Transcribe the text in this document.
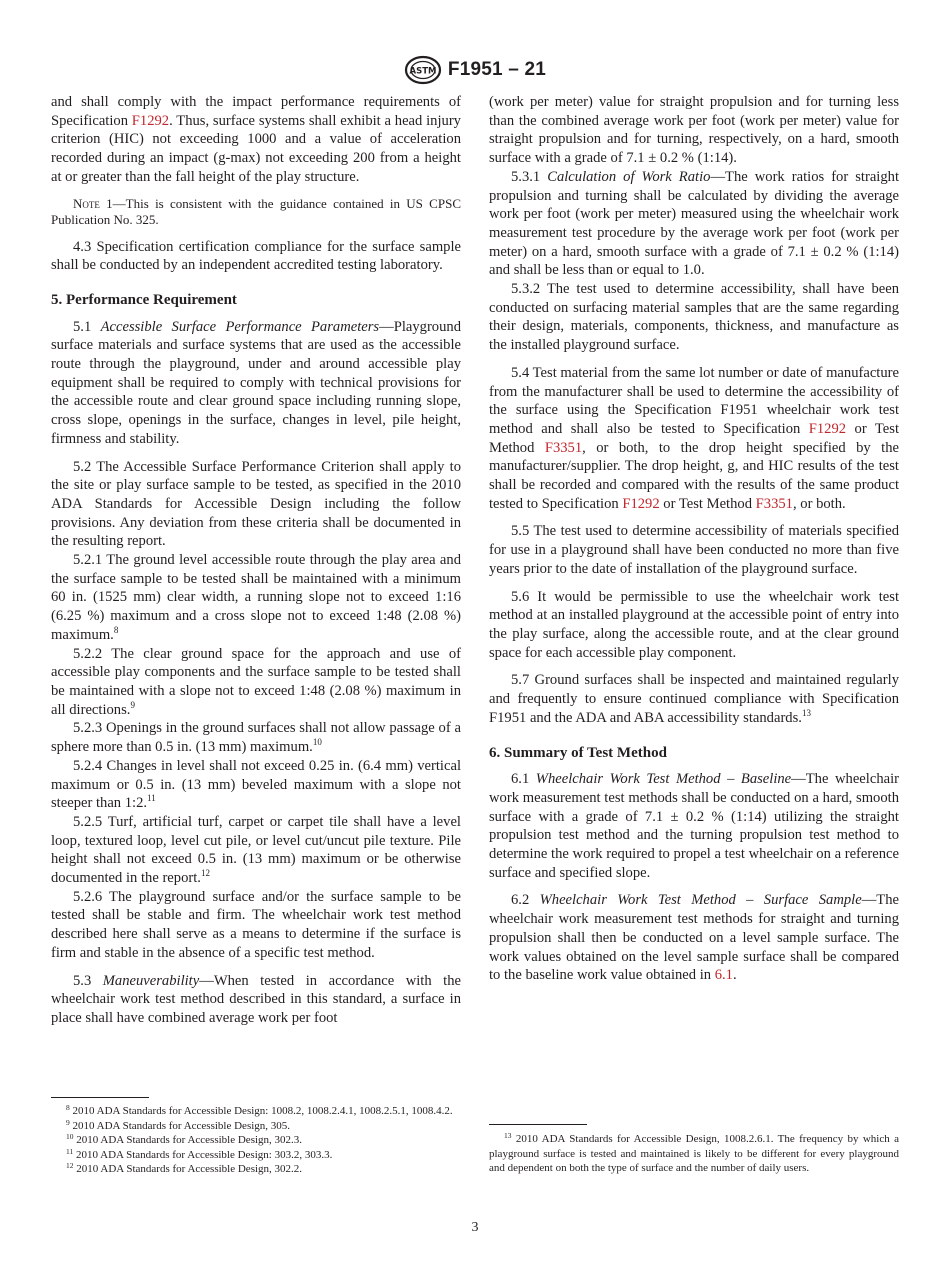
ASTM F1951 – 21

and shall comply with the impact performance requirements of Specification F1292. Thus, surface systems shall exhibit a head injury criterion (HIC) not exceeding 1000 and a value of acceleration recorded during an impact (g-max) not exceeding 200 from a height at or greater than the fall height of the play structure.

Note 1—This is consistent with the guidance contained in US CPSC Publication No. 325.

4.3 Specification certification compliance for the surface sample shall be conducted by an independent accredited testing laboratory.

5. Performance Requirement

5.1 Accessible Surface Performance Parameters—Playground surface materials and surface systems that are used as the accessible route through the playground, under and around accessible play equipment shall be required to comply with technical provisions for the accessible route and clear ground space including running slope, cross slope, openings in the surface, changes in level, pile height, firmness and stability.

5.2 The Accessible Surface Performance Criterion shall apply to the site or play surface sample to be tested, as specified in the 2010 ADA Standards for Accessible Design including the follow provisions. Any deviation from these criteria shall be documented in the resulting report.

5.2.1 The ground level accessible route through the play area and the surface sample to be tested shall be maintained with a minimum 60 in. (1525 mm) clear width, a running slope not to exceed 1:16 (6.25 %) maximum and a cross slope not to exceed 1:48 (2.08 %) maximum.$^8$

5.2.2 The clear ground space for the approach and use of accessible play components and the surface sample to be tested shall be maintained with a slope not to exceed 1:48 (2.08 %) maximum in all directions.$^9$

5.2.3 Openings in the ground surfaces shall not allow passage of a sphere more than 0.5 in. (13 mm) maximum.$^{10}$

5.2.4 Changes in level shall not exceed 0.25 in. (6.4 mm) vertical maximum or 0.5 in. (13 mm) beveled maximum with a slope not steeper than 1:2.11

5.2.5 Turf, artificial turf, carpet or carpet tile shall have a level loop, textured loop, level cut pile, or level cut/uncut pile texture. Pile height shall not exceed 0.5 in. (13 mm) maximum or be otherwise documented in the report.$^{12}$

5.2.6 The playground surface and/or the surface sample to be tested shall be stable and firm. The wheelchair work test method described here shall serve as a means to determine if the surface is firm and stable in the absence of a specific test method.

5.3 Maneuverability—When tested in accordance with the wheelchair work test method described in this standard, a surface in place shall have combined average work per foot

$^8$ 2010 ADA Standards for Accessible Design: 1008.2, 1008.2.4.1, 1008.2.5.1, 1008.4.2.

$^9$ 2010 ADA Standards for Accessible Design, 305.

$^{10}$ 2010 ADA Standards for Accessible Design, 302.3.

$^{11}$ 2010 ADA Standards for Accessible Design: 303.2, 303.3.

$^{12}$ 2010 ADA Standards for Accessible Design, 302.2.

(work per meter) value for straight propulsion and for turning less than the combined average work per foot (work per meter) value for straight propulsion and for turning, respectively, on a hard, smooth surface with a grade of 7.1 ± 0.2 % (1:14).

5.3.1 Calculation of Work Ratio—The work ratios for straight propulsion and turning shall be calculated by dividing the average work per foot (work per meter) measured using the wheelchair work measurement test procedure by the average work per foot (work per meter) on a hard, smooth surface with a grade of 7.1 ± 0.2 % (1:14) and shall be less than or equal to 1.0.

5.3.2 The test used to determine accessibility, shall have been conducted on surfacing material samples that are the same regarding their design, materials, components, thickness, and manufacture as the installed playground surface.

5.4 Test material from the same lot number or date of manufacture from the manufacturer shall be used to determine the accessibility of the surface using the Specification F1951 wheelchair work test method and shall also be tested to Specification F1292 or Test Method F3351, or both, to the drop height specified by the manufacturer/supplier. The drop height, g, and HIC results of the test shall be recorded and compared with the results of the same product tested to Specification F1292 or Test Method F3351, or both.

5.5 The test used to determine accessibility of materials specified for use in a playground shall have been conducted no more than five years prior to the date of installation of the playground surface.

5.6 It would be permissible to use the wheelchair work test method at an installed playground at the accessible point of entry into the play surface, along the accessible route, and at the clear ground space for each accessible play component.

5.7 Ground surfaces shall be inspected and maintained regularly and frequently to ensure continued compliance with Specification F1951 and the ADA and ABA accessibility standards.$^{13}$

6. Summary of Test Method

6.1 Wheelchair Work Test Method – Baseline—The wheelchair work measurement test methods shall be conducted on a hard, smooth surface with a grade of 7.1 ± 0.2 % (1:14) utilizing the straight propulsion test method and the turning propulsion test method to determine the work required to propel a test wheelchair on a reference surface and specified slope.

6.2 Wheelchair Work Test Method – Surface Sample—The wheelchair work measurement test methods for straight and turning propulsion shall then be conducted on a level sample surface. The work values obtained on the level sample surface shall be compared to the baseline work value obtained in 6.1.

$^{13}$ 2010 ADA Standards for Accessible Design, 1008.2.6.1. The frequency by which a playground surface is tested and maintained is likely to be different for every playground and dependent on both the type of surface and the number of daily users.

3
